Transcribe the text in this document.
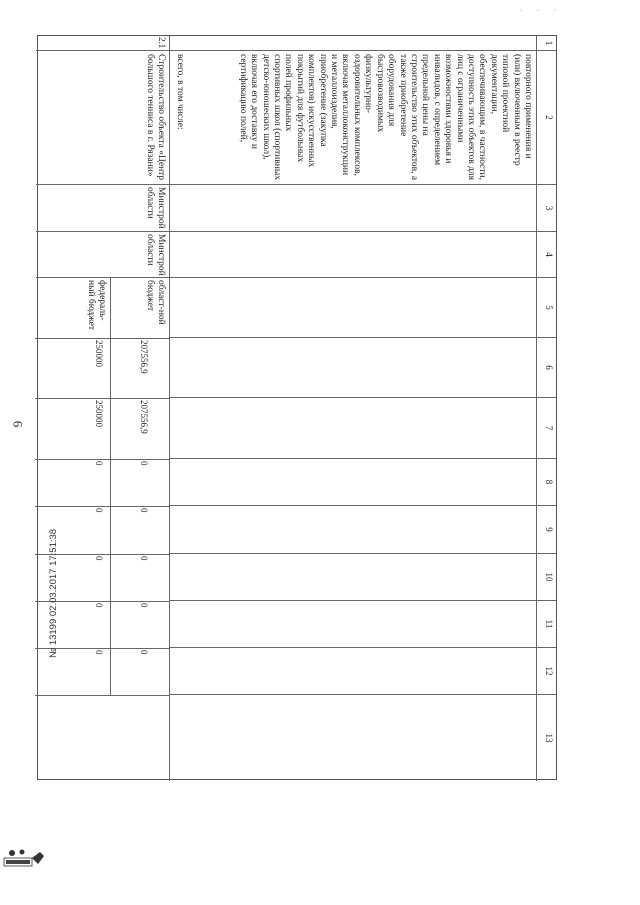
· · ·
6
1
2
3
4
5
6
7
8
9
10
11
12
13
повторного применения и (или) включенным в реестр типовой проектной документации, обеспечивающим, в частности, доступность этих объектов для лиц с ограниченными возможностями здоровья и инвалидов, с определением предельной цены на строительство этих объектов, а также приобретение оборудования для быстровозводимых физкультурно-оздоровительных комплексов, включая металлоконструкции и металлоизделия, приобретение (закупка комплектов) искусственных покрытий для футбольных полей профильных спортивных школ (спортивных детско-юношеских школ), включая его доставку и сертификацию полей,
всего, в том числе:
2.1
Строительство объекта «Центр большого тенниса в г. Рязани»
Минстрой области
Минстрой области
област-ной бюджет
207556,9
207556,9
0
0
0
0
0
федераль-ный бюджет
250000
250000
0
0
0
0
0
№ 13199 02.03.2017 17:51:38
